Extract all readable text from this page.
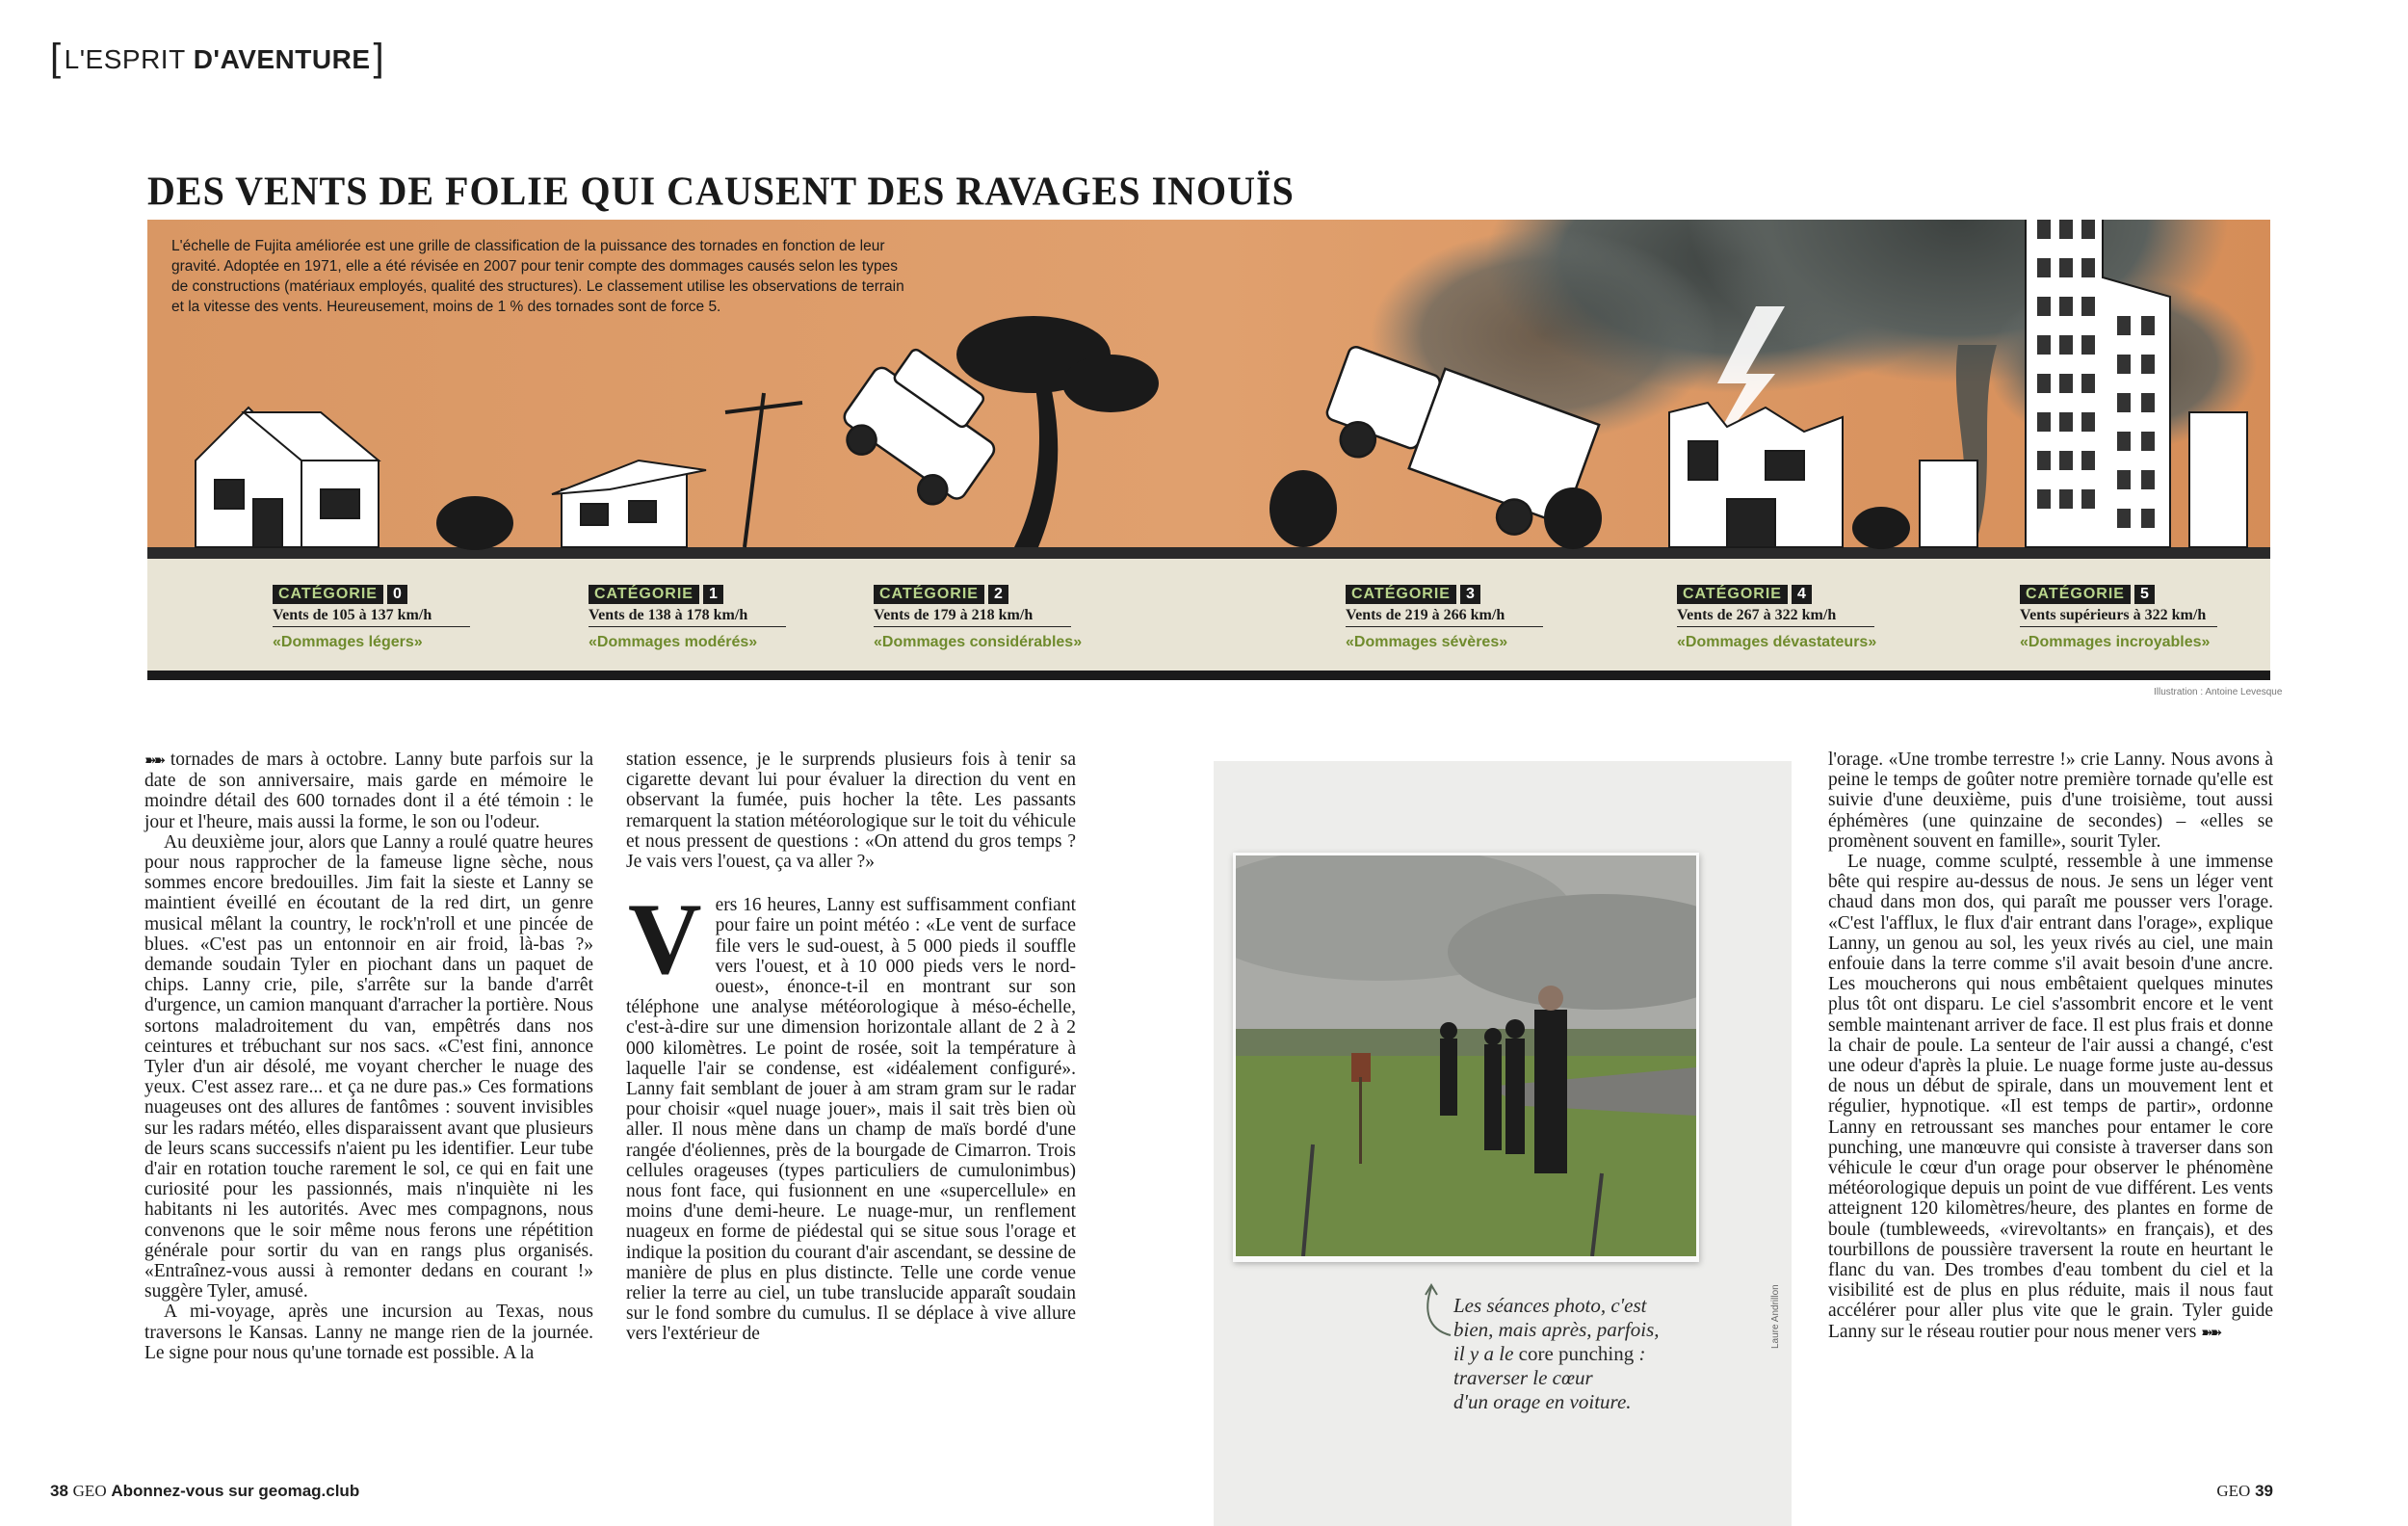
[ L'ESPRIT D'AVENTURE ]
DES VENTS DE FOLIE QUI CAUSENT DES RAVAGES INOUÏS
L'échelle de Fujita améliorée est une grille de classification de la puissance des tornades en fonction de leur gravité. Adoptée en 1971, elle a été révisée en 2007 pour tenir compte des dommages causés selon les types de constructions (matériaux employés, qualité des structures). Le classement utilise les observations de terrain et la vitesse des vents. Heureusement, moins de 1 % des tornades sont de force 5.
CATÉGORIE	0
Vents de 105 à 137 km/h
«Dommages légers»
CATÉGORIE	1
Vents de 138 à 178 km/h
«Dommages modérés»
CATÉGORIE	2
Vents de 179 à 218 km/h
«Dommages considérables»
CATÉGORIE	3
Vents de 219 à 266 km/h
«Dommages sévères»
CATÉGORIE	4
Vents de 267 à 322 km/h
«Dommages dévastateurs»
CATÉGORIE	5
Vents supérieurs à 322 km/h
«Dommages incroyables»
Illustration : Antoine Levesque

➽➽ tornades de mars à octobre. Lanny bute parfois sur la date de son anniversaire, mais garde en mémoire le moindre détail des 600 tornades dont il a été témoin : le jour et l'heure, mais aussi la forme, le son ou l'odeur.

Au deuxième jour, alors que Lanny a roulé quatre heures pour nous rapprocher de la fameuse ligne sèche, nous sommes encore bredouilles. Jim fait la sieste et Lanny se maintient éveillé en écoutant de la red dirt, un genre musical mêlant la country, le rock'n'roll et une pincée de blues. «C'est pas un entonnoir en air froid, là-bas ?» demande soudain Tyler en piochant dans un paquet de chips. Lanny crie, pile, s'arrête sur la bande d'arrêt d'urgence, un camion manquant d'arracher la portière. Nous sortons maladroitement du van, empêtrés dans nos ceintures et trébuchant sur nos sacs. «C'est fini, annonce Tyler d'un air désolé, me voyant chercher le nuage des yeux. C'est assez rare... et ça ne dure pas.» Ces formations nuageuses ont des allures de fantômes : souvent invisibles sur les radars météo, elles disparaissent avant que plusieurs de leurs scans successifs n'aient pu les identifier. Leur tube d'air en rotation touche rarement le sol, ce qui en fait une curiosité pour les passionnés, mais n'inquiète ni les habitants ni les autorités. Avec mes compagnons, nous convenons que le soir même nous ferons une répétition générale pour sortir du van en rangs plus organisés. «Entraînez-vous aussi à remonter dedans en courant !» suggère Tyler, amusé.

A mi-voyage, après une incursion au Texas, nous traversons le Kansas. Lanny ne mange rien de la journée. Le signe pour nous qu'une tornade est possible. A la

station essence, je le surprends plusieurs fois à tenir sa cigarette devant lui pour évaluer la direction du vent en observant la fumée, puis hocher la tête. Les passants remarquent la station météorologique sur le toit du véhicule et nous pressent de questions : «On attend du gros temps ? Je vais vers l'ouest, ça va aller ?»

V ers 16 heures, Lanny est suffisamment confiant pour faire un point météo : «Le vent de surface file vers le sud-ouest, à 5 000 pieds il souffle vers l'ouest, et à 10 000 pieds vers le nord-ouest», énonce-t-il en montrant sur son téléphone une analyse météorologique à méso-échelle, c'est-à-dire sur une dimension horizontale allant de 2 à 2 000 kilomètres. Le point de rosée, soit la température à laquelle l'air se condense, est «idéalement configuré». Lanny fait semblant de jouer à am stram gram sur le radar pour choisir «quel nuage jouer», mais il sait très bien où aller. Il nous mène dans un champ de maïs bordé d'une rangée d'éoliennes, près de la bourgade de Cimarron. Trois cellules orageuses (types particuliers de cumulonimbus) nous font face, qui fusionnent en une «supercellule» en moins d'une demi-heure. Le nuage-mur, un renflement nuageux en forme de piédestal qui se situe sous l'orage et indique la position du courant d'air ascendant, se dessine de manière de plus en plus distincte. Telle une corde venue relier la terre au ciel, un tube translucide apparaît soudain sur le fond sombre du cumulus. Il se déplace à vive allure vers l'extérieur de

Les séances photo, c'est
bien, mais après, parfois,
il y a le core punching :
traverser le cœur
d'un orage en voiture.
Laure Andrillon

l'orage. «Une trombe terrestre !» crie Lanny. Nous avons à peine le temps de goûter notre première tornade qu'elle est suivie d'une deuxième, puis d'une troisième, tout aussi éphémères (une quinzaine de secondes) – «elles se promènent souvent en famille», sourit Tyler.

Le nuage, comme sculpté, ressemble à une immense bête qui respire au-dessus de nous. Je sens un léger vent chaud dans mon dos, qui paraît me pousser vers l'orage. «C'est l'afflux, le flux d'air entrant dans l'orage», explique Lanny, un genou au sol, les yeux rivés au ciel, une main enfouie dans la terre comme s'il avait besoin d'une ancre. Les moucherons qui nous embêtaient quelques minutes plus tôt ont disparu. Le ciel s'assombrit encore et le vent semble maintenant arriver de face. Il est plus frais et donne la chair de poule. La senteur de l'air aussi a changé, c'est une odeur d'après la pluie. Le nuage forme juste au-dessus de nous un début de spirale, dans un mouvement lent et régulier, hypnotique. «Il est temps de partir», ordonne Lanny en retroussant ses manches pour entamer le core punching, une manœuvre qui consiste à traverser dans son véhicule le cœur d'un orage pour observer le phénomène météorologique depuis un point de vue différent. Les vents atteignent 120 kilomètres/heure, des plantes en forme de boule (tumbleweeds, «virevoltants» en français), et des tourbillons de poussière traversent la route en heurtant le flanc du van. Des trombes d'eau tombent du ciel et la visibilité est de plus en plus réduite, mais il nous faut accélérer pour aller plus vite que le grain. Tyler guide Lanny sur le réseau routier pour nous mener vers ➽➽

38 GEO Abonnez-vous sur geomag.club	GEO 39
